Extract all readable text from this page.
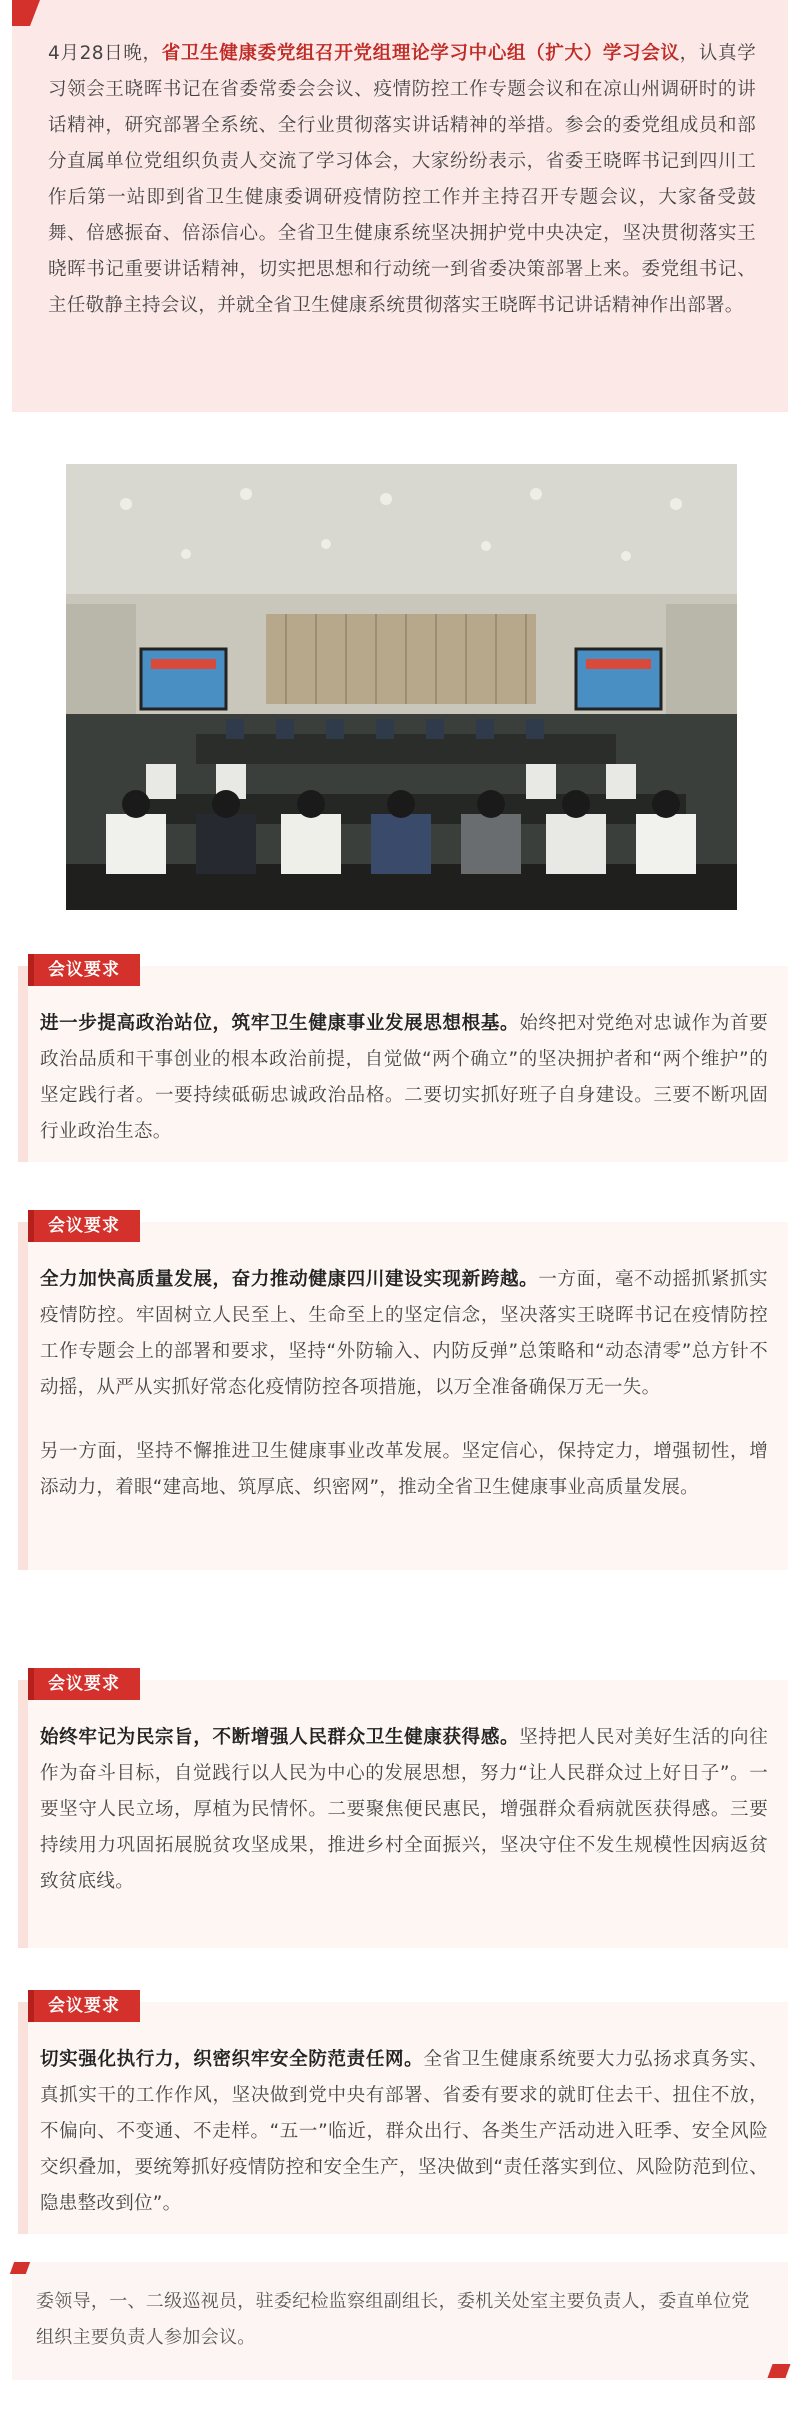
4月28日晚，省卫生健康委党组召开党组理论学习中心组（扩大）学习会议，认真学习领会王晓晖书记在省委常委会会议、疫情防控工作专题会议和在凉山州调研时的讲话精神，研究部署全系统、全行业贯彻落实讲话精神的举措。参会的委党组成员和部分直属单位党组织负责人交流了学习体会，大家纷纷表示，省委王晓晖书记到四川工作后第一站即到省卫生健康委调研疫情防控工作并主持召开专题会议，大家备受鼓舞、倍感振奋、倍添信心。全省卫生健康系统坚决拥护党中央决定，坚决贯彻落实王晓晖书记重要讲话精神，切实把思想和行动统一到省委决策部署上来。委党组书记、主任敬静主持会议，并就全省卫生健康系统贯彻落实王晓晖书记讲话精神作出部署。

会议要求

进一步提高政治站位，筑牢卫生健康事业发展思想根基。始终把对党绝对忠诚作为首要政治品质和干事创业的根本政治前提，自觉做“两个确立”的坚决拥护者和“两个维护”的坚定践行者。一要持续砥砺忠诚政治品格。二要切实抓好班子自身建设。三要不断巩固行业政治生态。

会议要求

全力加快高质量发展，奋力推动健康四川建设实现新跨越。一方面，毫不动摇抓紧抓实疫情防控。牢固树立人民至上、生命至上的坚定信念，坚决落实王晓晖书记在疫情防控工作专题会上的部署和要求，坚持“外防输入、内防反弹”总策略和“动态清零”总方针不动摇，从严从实抓好常态化疫情防控各项措施，以万全准备确保万无一失。

另一方面，坚持不懈推进卫生健康事业改革发展。坚定信心，保持定力，增强韧性，增添动力，着眼“建高地、筑厚底、织密网”，推动全省卫生健康事业高质量发展。

会议要求

始终牢记为民宗旨，不断增强人民群众卫生健康获得感。坚持把人民对美好生活的向往作为奋斗目标，自觉践行以人民为中心的发展思想，努力“让人民群众过上好日子”。一要坚守人民立场，厚植为民情怀。二要聚焦便民惠民，增强群众看病就医获得感。三要持续用力巩固拓展脱贫攻坚成果，推进乡村全面振兴，坚决守住不发生规模性因病返贫致贫底线。

会议要求

切实强化执行力，织密织牢安全防范责任网。全省卫生健康系统要大力弘扬求真务实、真抓实干的工作作风，坚决做到党中央有部署、省委有要求的就盯住去干、扭住不放，不偏向、不变通、不走样。“五一”临近，群众出行、各类生产活动进入旺季、安全风险交织叠加，要统筹抓好疫情防控和安全生产，坚决做到“责任落实到位、风险防范到位、隐患整改到位”。

委领导，一、二级巡视员，驻委纪检监察组副组长，委机关处室主要负责人，委直单位党组织主要负责人参加会议。
